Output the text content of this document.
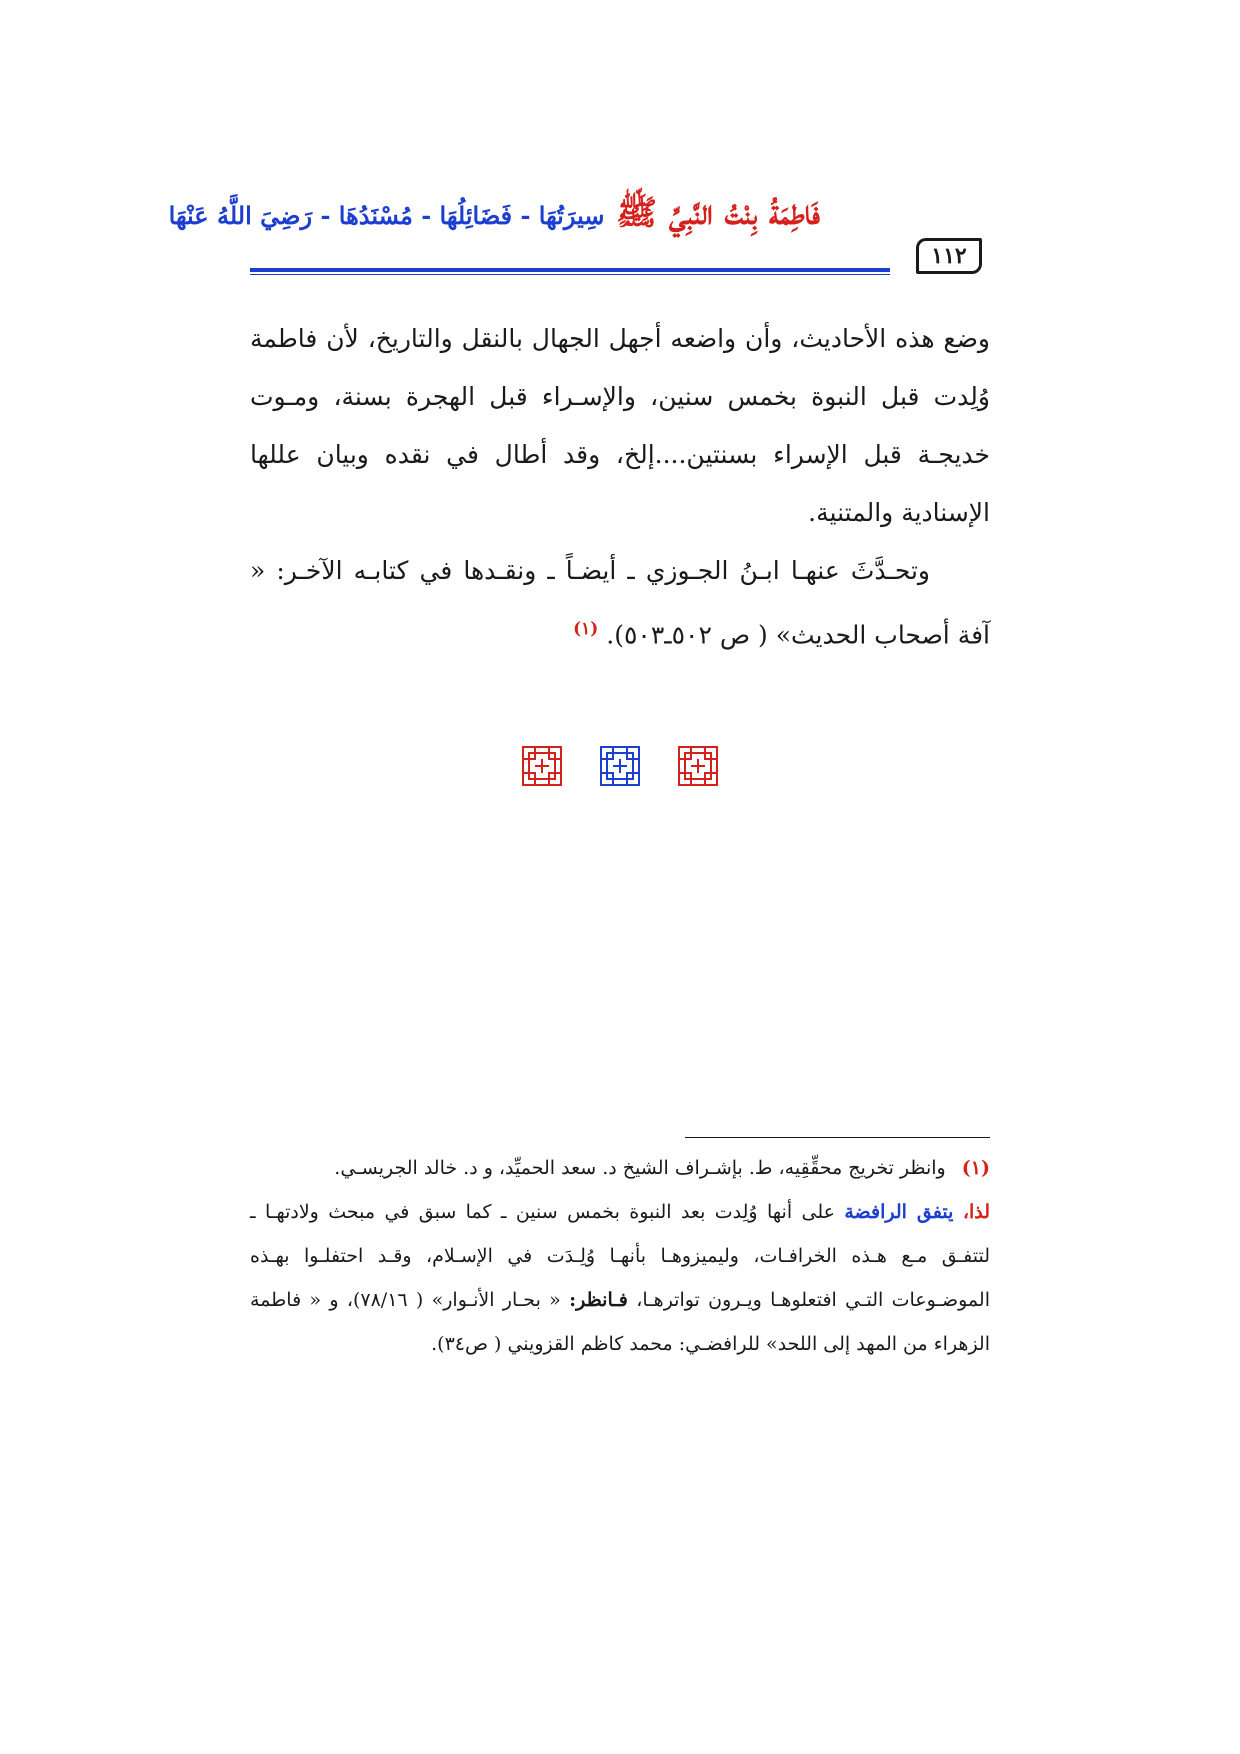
فَاطِمَةُ بِنْتُ النَّبِيِّ ﷺ سِيرَتُهَا - فَضَائِلُهَا - مُسْنَدُهَا - رَضِيَ اللَّهُ عَنْهَا
١١٢

وضع هذه الأحاديث، وأن واضعه أجهل الجهال بالنقل والتاريخ، لأن فاطمة وُلِدت قبل النبوة بخمس سنين، والإسـراء قبل الهجرة بسنة، ومـوت خديجـة قبل الإسراء بسنتين....إلخ، وقد أطال في نقده وبيان عللها الإسنادية والمتنية.

وتحـدَّثَ عنهـا ابـنُ الجـوزي ـ أيضـاً ـ ونقـدها في كتابـه الآخـر: « آفة أصحاب الحديث» ( ص ٥٠٢ـ٥٠٣). $^{(١)}$

(١) وانظر تخريج محقِّقِيه، ط. بإشـراف الشيخ د. سعد الحميِّد، و د. خالد الجريسـي.

لذا، يتفق الرافضة على أنها وُلِدت بعد النبوة بخمس سنين ـ كما سبق في مبحث ولادتهـا ـ لتتفـق مـع هـذه الخرافـات، وليميزوهـا بأنهـا وُلِـدَت في الإسـلام، وقـد احتفلـوا بهـذه الموضـوعات التـي افتعلوهـا ويـرون تواترهـا، فـانظر: « بحـار الأنـوار» ( ٧٨/١٦)، و « فاطمة الزهراء من المهد إلى اللحد» للرافضـي: محمد كاظم القزويني ( ص٣٤).
